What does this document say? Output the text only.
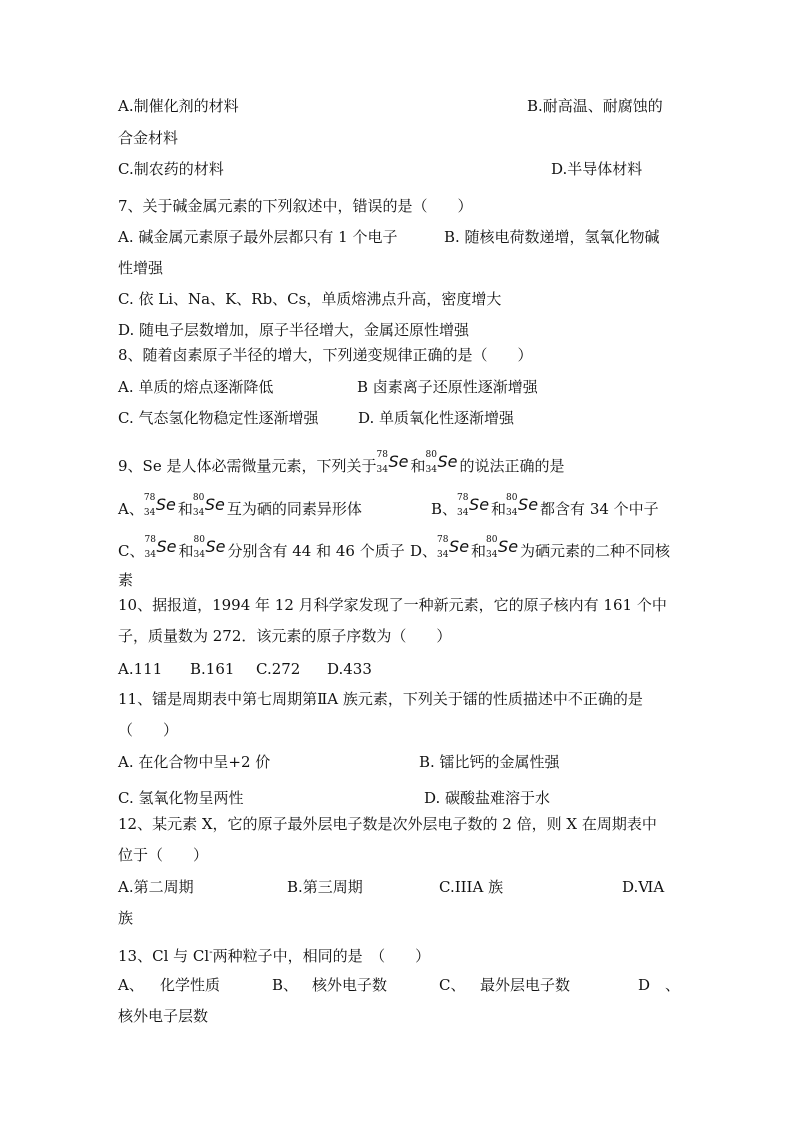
A.制催化剂的材料	B.耐高温、耐腐蚀的
合金材料
C.制农药的材料	D.半导体材料
7、关于碱金属元素的下列叙述中，错误的是（　　）
A. 碱金属元素原子最外层都只有 1 个电子	B. 随核电荷数递增，氢氧化物碱
性增强
C. 依 Li、Na、K、Rb、Cs，单质熔沸点升高，密度增大
D. 随电子层数增加，原子半径增大，金属还原性增强
8、随着卤素原子半径的增大，下列递变规律正确的是（　　）
A. 单质的熔点逐渐降低	B 卤素离子还原性逐渐增强
C. 气态氢化物稳定性逐渐增强	D. 单质氧化性逐渐增强
9、Se 是人体必需微量元素，下列关于
78
34 Se 和
80
34 Se 的说法正确的是
A、
78
34 Se 和
80
34 Se 互为硒的同素异形体	B、
78
34 Se 和
80
34 Se 都含有 34 个中子
C、
78
34 Se 和
80
34 Se 分别含有 44 和 46 个质子 D、
78
34 Se 和
80
34 Se 为硒元素的二种不同核
素
10、据报道，1994 年 12 月科学家发现了一种新元素，它的原子核内有 161 个中
子，质量数为 272．该元素的原子序数为（　　）
A.111 B.161 C.272 D.433
11、镭是周期表中第七周期第ⅡA 族元素，下列关于镭的性质描述中不正确的是
（　　）
A. 在化合物中呈+2 价	B. 镭比钙的金属性强
C. 氢氧化物呈两性	D. 碳酸盐难溶于水
12、某元素 X，它的原子最外层电子数是次外层电子数的 2 倍，则 X 在周期表中
位于（　　）
A.第二周期	B.第三周期	C.IIIA 族	D.ⅥA
族
13、Cl 与 Cl-两种粒子中，相同的是　（　　）
A、 化学性质	B、 核外电子数	C、 最外层电子数	D　、
核外电子层数
